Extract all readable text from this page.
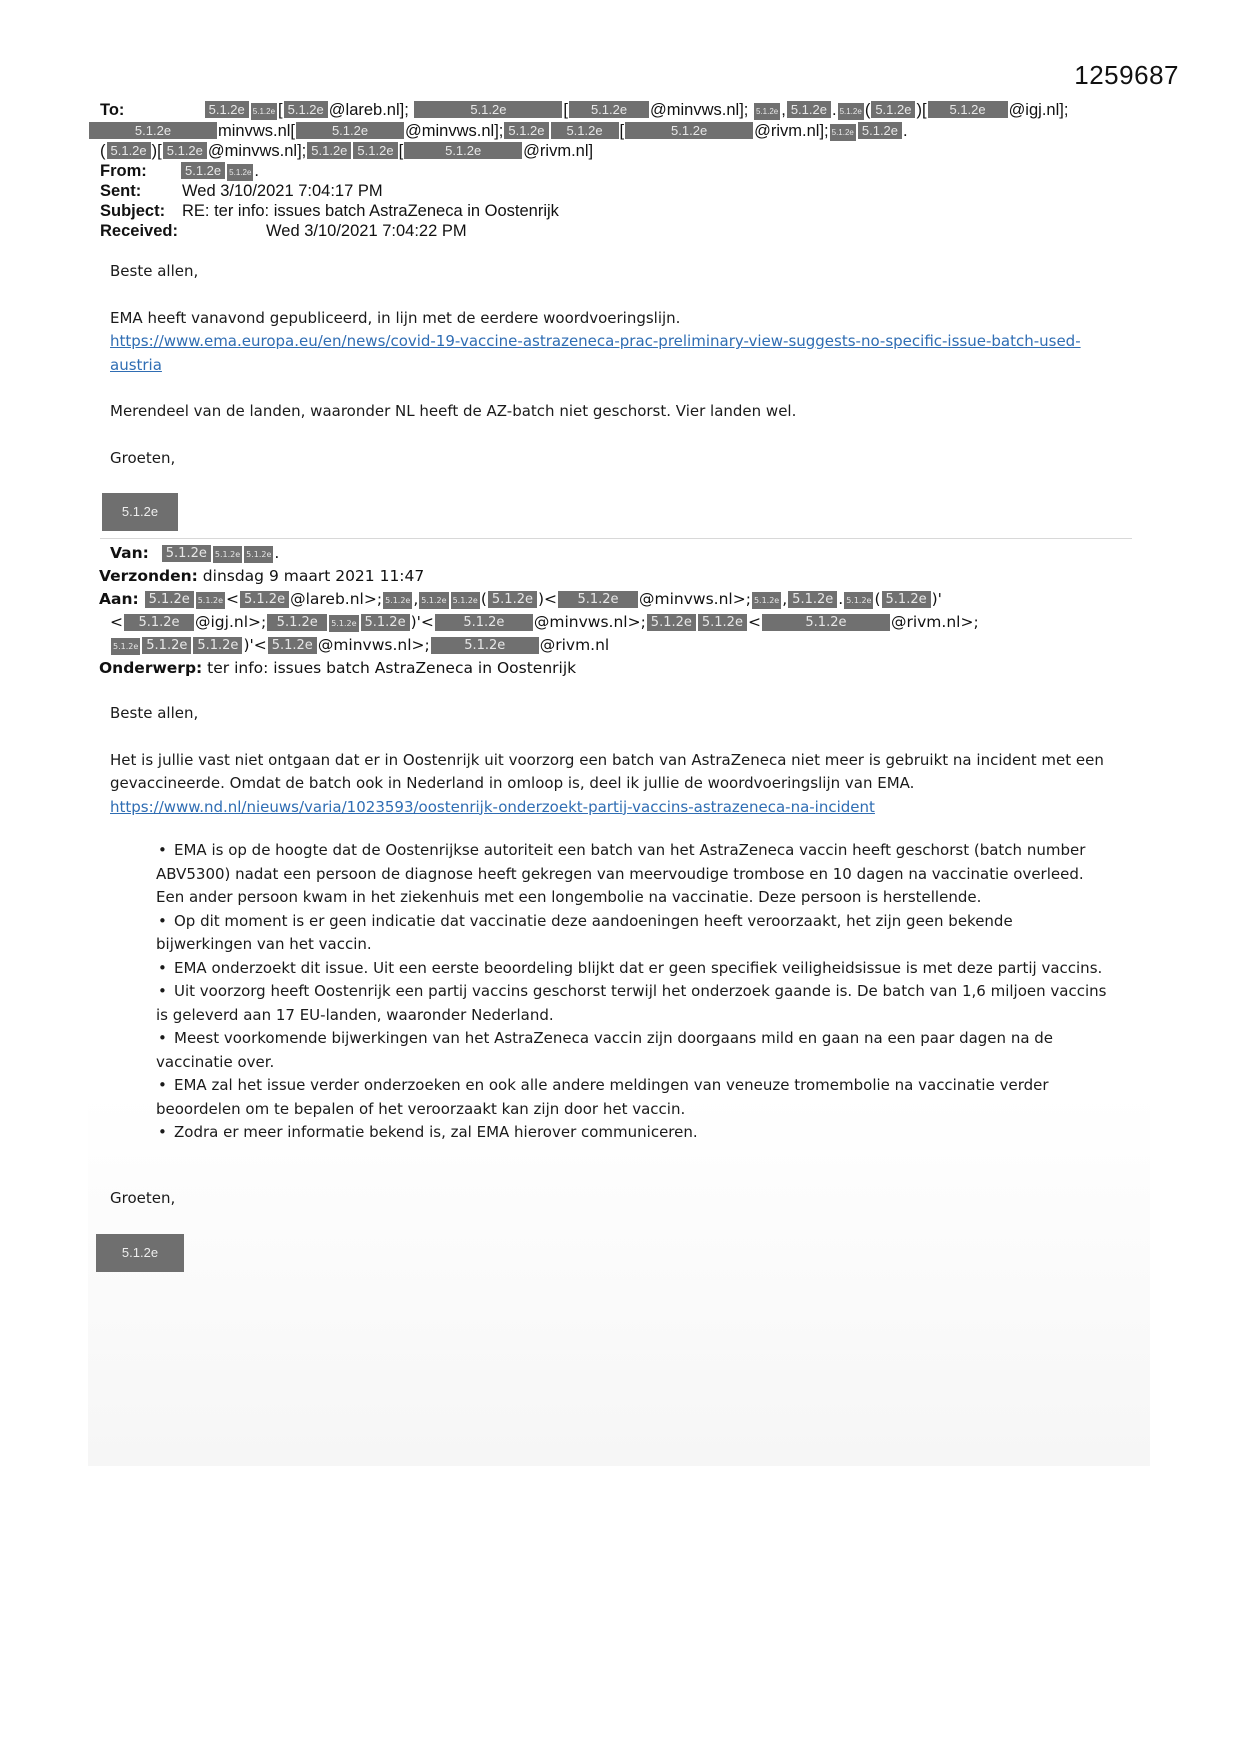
1259687
To:	5.1.2e 5.1.2e [ 5.1.2e @lareb.nl];	5.1.2e	[ 5.1.2e @minvws.nl]; 5.1.2e , 5.1.2e . 5.1.2e ( 5.1.2e )[ 5.1.2e @igj.nl];
5.1.2e	minvws.nl[	5.1.2e @minvws.nl]; 5.1.2e 5.1.2e [	5.1.2e	@rivm.nl]; 5.1.2e 5.1.2e .
( 5.1.2e )[ 5.1.2e @minvws.nl]; 5.1.2e 5.1.2e [	5.1.2e	@rivm.nl]
From:	5.1.2e 5.1.2e .
Sent: Wed 3/10/2021 7:04:17 PM
Subject: RE: ter info: issues batch AstraZeneca in Oostenrijk
Received:	Wed 3/10/2021 7:04:22 PM
Beste allen,
EMA heeft vanavond gepubliceerd, in lijn met de eerdere woordvoeringslijn.
https://www.ema.europa.eu/en/news/covid-19-vaccine-astrazeneca-prac-preliminary-view-suggests-no-specific-issue-batch-used-
austria
Merendeel van de landen, waaronder NL heeft de AZ-batch niet geschorst. Vier landen wel.
Groeten,
5.1.2e
Van: 5.1.2e 5.1.2e 5.1.2e .
Verzonden: dinsdag 9 maart 2021 11:47
Aan: 5.1.2e 5.1.2e < 5.1.2e @lareb.nl>; 5.1.2e , 5.1.2e 5.1.2e ( 5.1.2e )< 5.1.2e @minvws.nl>; 5.1.2e , 5.1.2e . 5.1.2e ( 5.1.2e )'
< 5.1.2e @igj.nl>; 5.1.2e 5.1.2e 5.1.2e )'< 5.1.2e @minvws.nl>; 5.1.2e 5.1.2e <	5.1.2e	@rivm.nl>;
5.1.2e 5.1.2e 5.1.2e )'< 5.1.2e @minvws.nl>;	5.1.2e @rivm.nl
Onderwerp: ter info: issues batch AstraZeneca in Oostenrijk
Beste allen,
Het is jullie vast niet ontgaan dat er in Oostenrijk uit voorzorg een batch van AstraZeneca niet meer is gebruikt na incident met een
gevaccineerde. Omdat de batch ook in Nederland in omloop is, deel ik jullie de woordvoeringslijn van EMA.
https://www.nd.nl/nieuws/varia/1023593/oostenrijk-onderzoekt-partij-vaccins-astrazeneca-na-incident
• EMA is op de hoogte dat de Oostenrijkse autoriteit een batch van het AstraZeneca vaccin heeft geschorst (batch number
ABV5300) nadat een persoon de diagnose heeft gekregen van meervoudige trombose en 10 dagen na vaccinatie overleed.
Een ander persoon kwam in het ziekenhuis met een longembolie na vaccinatie. Deze persoon is herstellende.
• Op dit moment is er geen indicatie dat vaccinatie deze aandoeningen heeft veroorzaakt, het zijn geen bekende
bijwerkingen van het vaccin.
• EMA onderzoekt dit issue. Uit een eerste beoordeling blijkt dat er geen specifiek veiligheidsissue is met deze partij vaccins.
• Uit voorzorg heeft Oostenrijk een partij vaccins geschorst terwijl het onderzoek gaande is. De batch van 1,6 miljoen vaccins
is geleverd aan 17 EU-landen, waaronder Nederland.
• Meest voorkomende bijwerkingen van het AstraZeneca vaccin zijn doorgaans mild en gaan na een paar dagen na de
vaccinatie over.
• EMA zal het issue verder onderzoeken en ook alle andere meldingen van veneuze tromembolie na vaccinatie verder
beoordelen om te bepalen of het veroorzaakt kan zijn door het vaccin.
• Zodra er meer informatie bekend is, zal EMA hierover communiceren.
Groeten,
5.1.2e
